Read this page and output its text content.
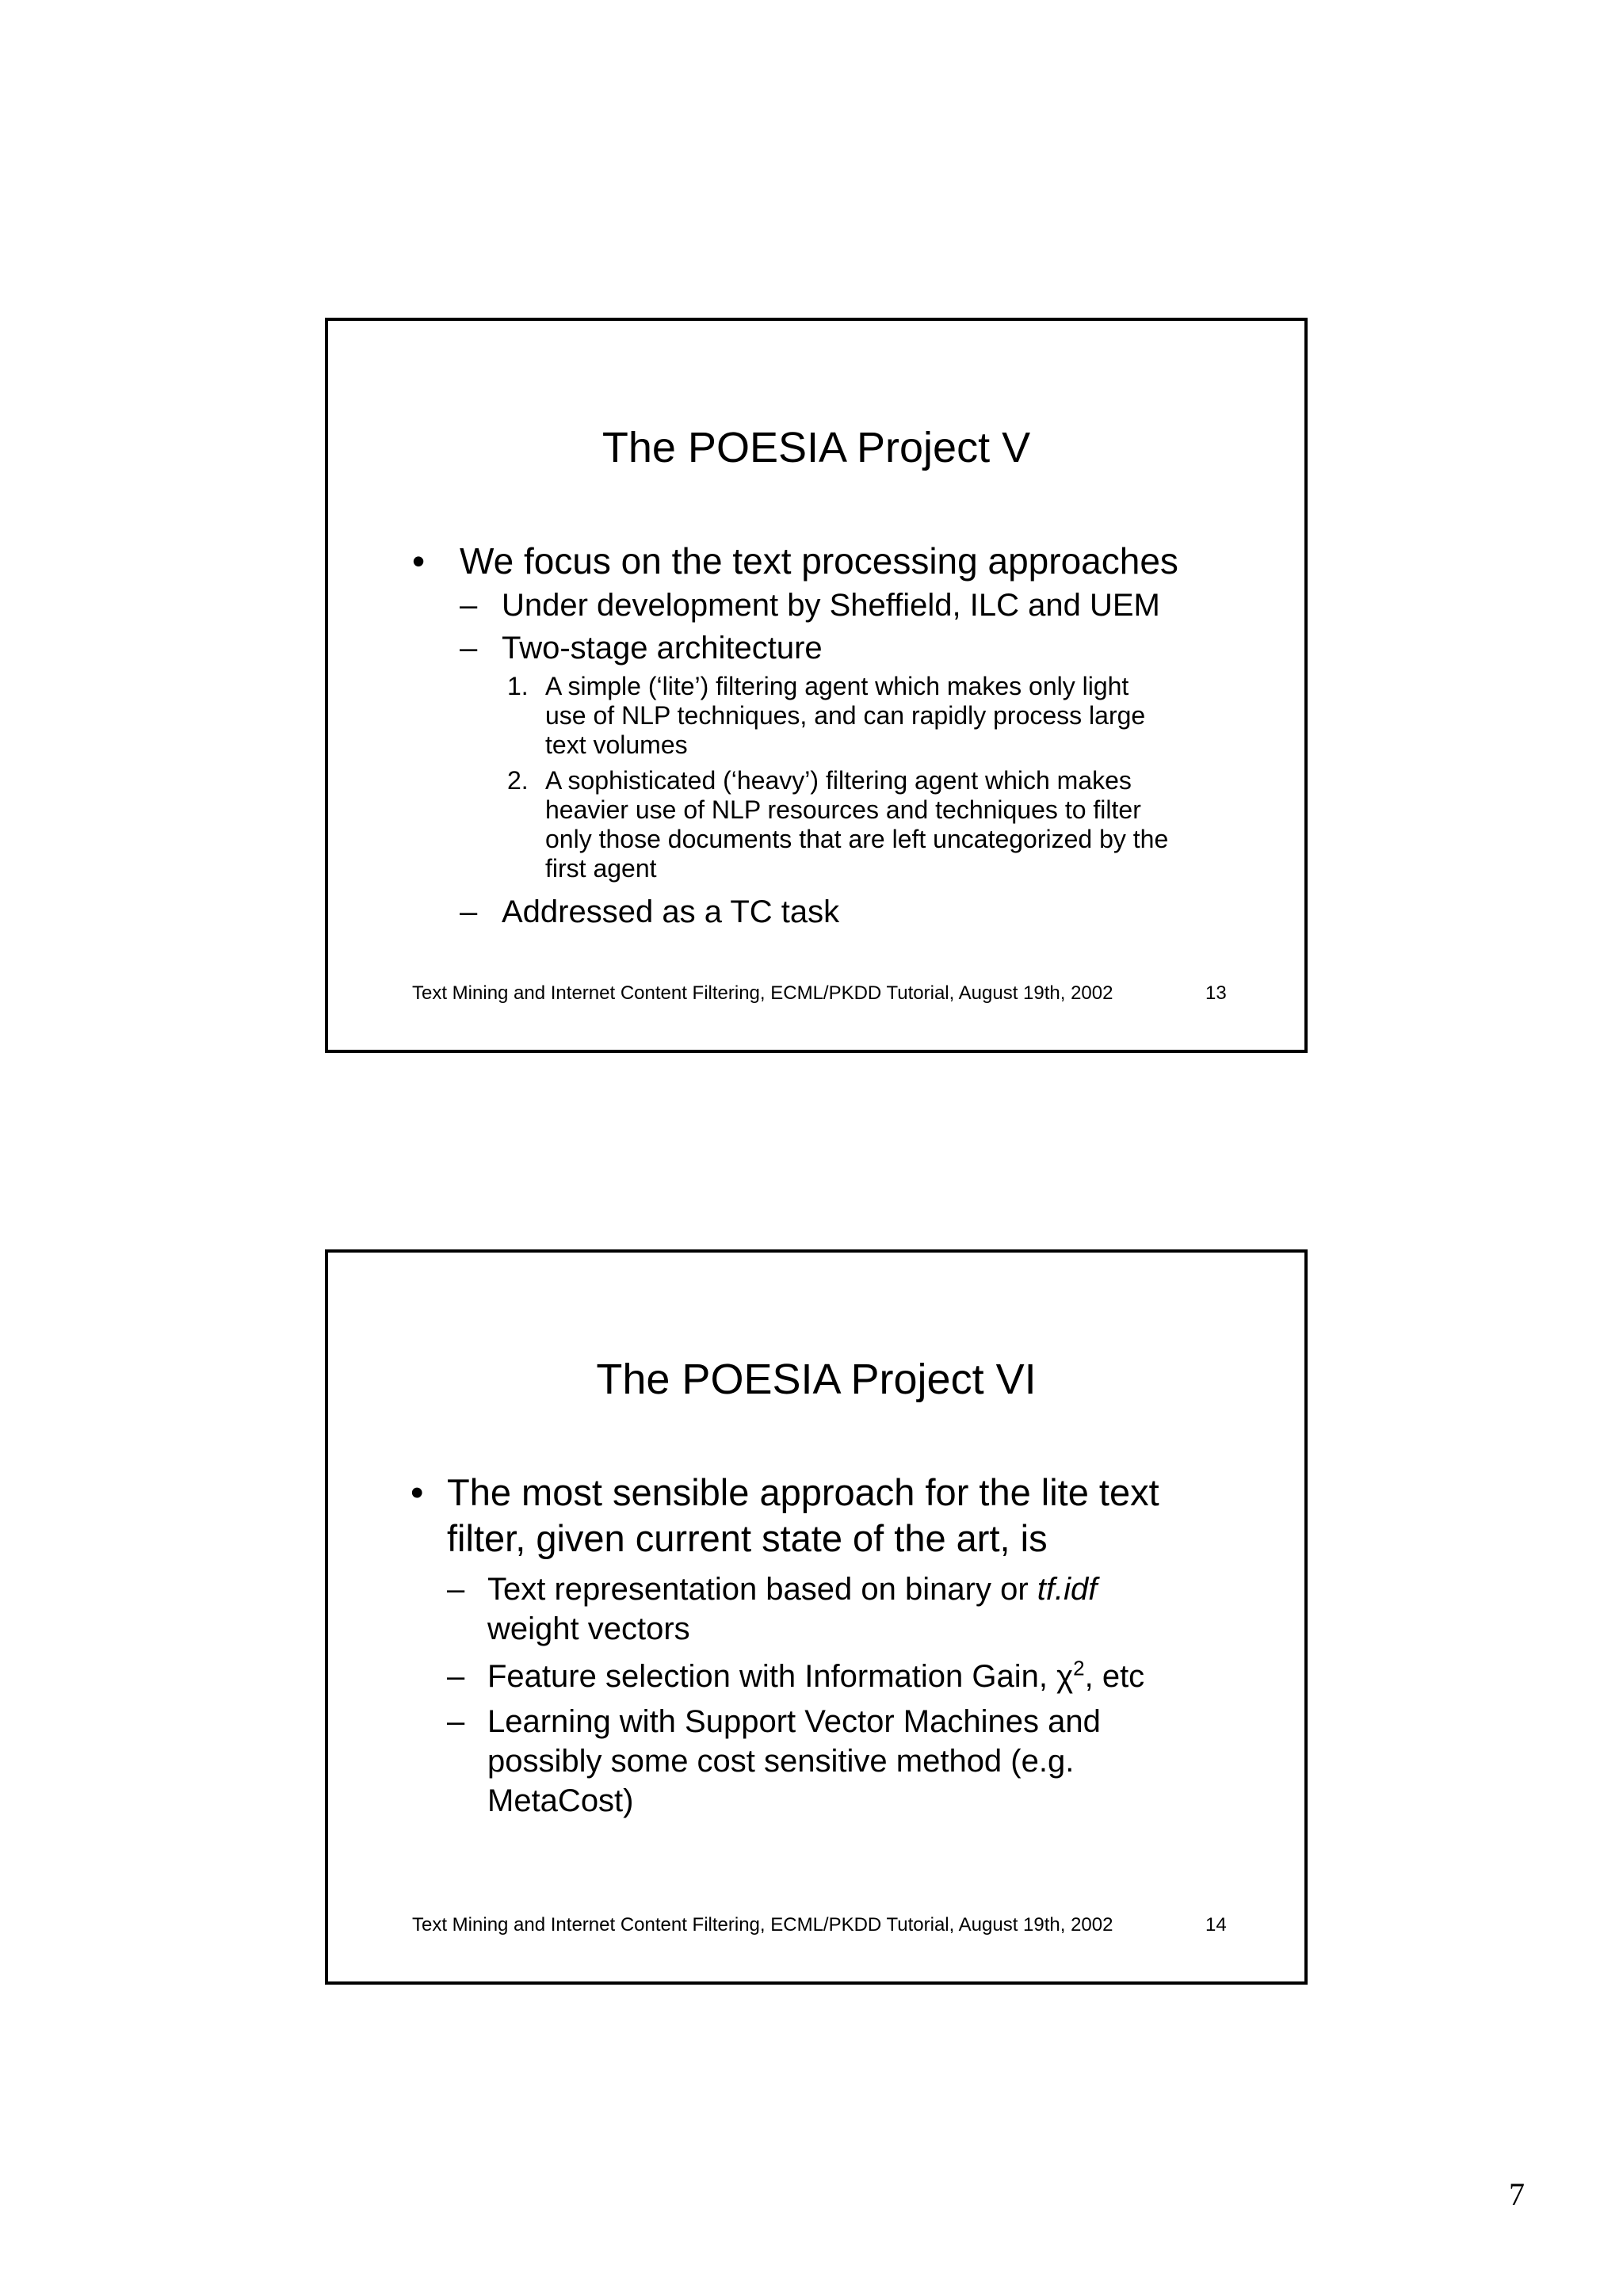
The POESIA Project V
• We focus on the text processing approaches
– Under development by Sheffield, ILC and UEM
– Two-stage architecture
1. A simple (‘lite’) filtering agent which makes only light
use of NLP techniques, and can rapidly process large
text volumes
2. A sophisticated (‘heavy’) filtering agent which makes
heavier use of NLP resources and techniques to filter
only those documents that are left uncategorized by the
first agent
– Addressed as a TC task
Text Mining and Internet Content Filtering, ECML/PKDD Tutorial, August 19th, 2002	13
The POESIA Project VI
• The most sensible approach for the lite text
filter, given current state of the art, is
– Text representation based on binary or tf.idf
weight vectors
– Feature selection with Information Gain, $\chi^2$, etc
– Learning with Support Vector Machines and
possibly some cost sensitive method (e.g.
MetaCost)
Text Mining and Internet Content Filtering, ECML/PKDD Tutorial, August 19th, 2002	14
7
